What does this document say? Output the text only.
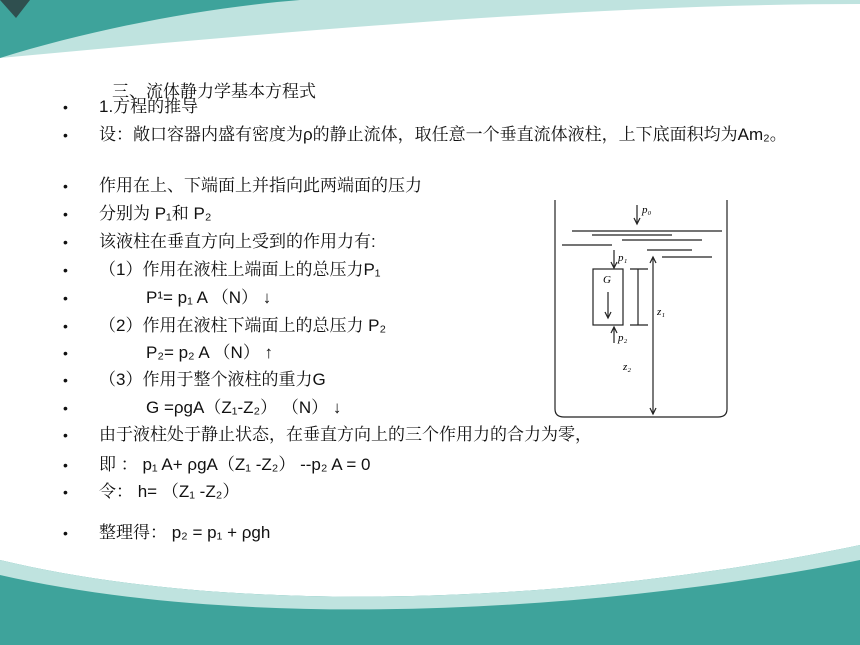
三、流体静力学基本方程式
• 1.方程的推导
• 设：敞口容器内盛有密度为ρ的静止流体，取任意一个垂直流体液柱，上下底面积均为Am₂。
• 作用在上、下端面上并指向此两端面的压力
• 分别为 P₁和 P₂
• 该液柱在垂直方向上受到的作用力有:
• （1）作用在液柱上端面上的总压力P₁
•	P¹= p₁ A （N） ↓
• （2）作用在液柱下端面上的总压力 P₂
•	P₂= p₂ A （N） ↑
• （3）作用于整个液柱的重力G
•	G =ρgA（Z₁-Z₂） （N） ↓
• 由于液柱处于静止状态，在垂直方向上的三个作用力的合力为零，
• 即 ： p₁ A+ ρgA（Z₁ -Z₂） --p₂ A = 0
• 令： h= （Z₁ -Z₂）
• 整理得： p₂ = p₁ + ρgh
p₀
p₁
G
p₂
z₁
z₂
